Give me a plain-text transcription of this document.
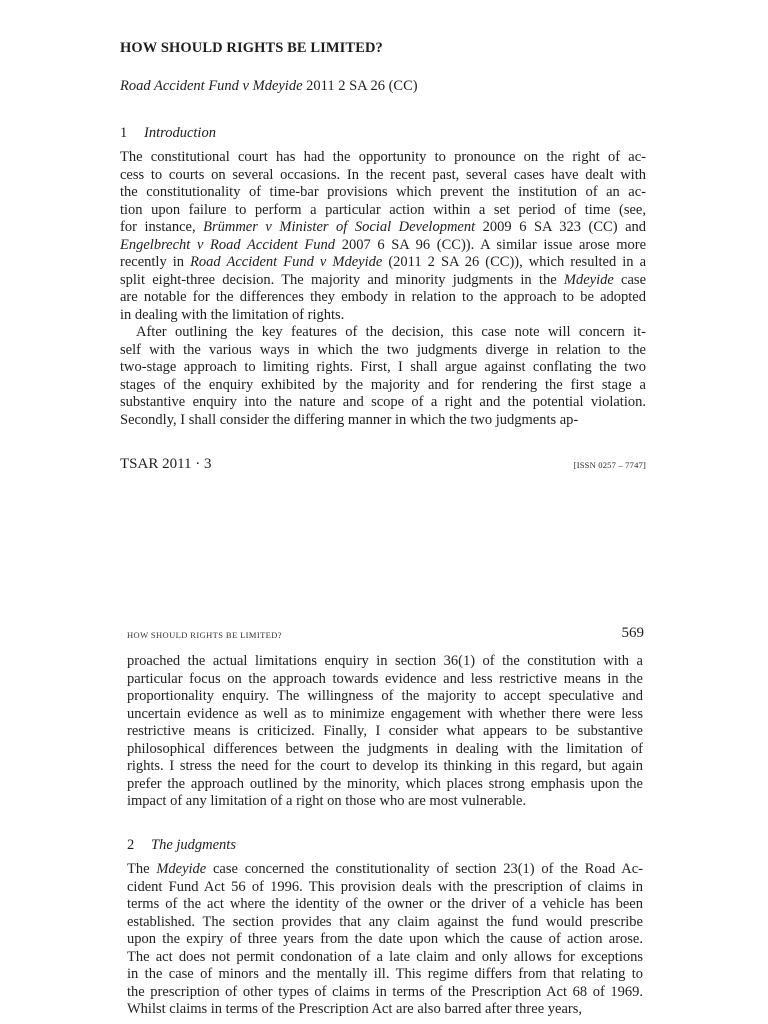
HOW SHOULD RIGHTS BE LIMITED?
Road Accident Fund v Mdeyide 2011 2 SA 26 (CC)
1 Introduction
The constitutional court has had the opportunity to pronounce on the right of ac-
cess to courts on several occasions. In the recent past, several cases have dealt with
the constitutionality of time-bar provisions which prevent the institution of an ac-
tion upon failure to perform a particular action within a set period of time (see,
for instance, Brümmer v Minister of Social Development 2009 6 SA 323 (CC) and
Engelbrecht v Road Accident Fund 2007 6 SA 96 (CC)). A similar issue arose more
recently in Road Accident Fund v Mdeyide (2011 2 SA 26 (CC)), which resulted in a
split eight-three decision. The majority and minority judgments in the Mdeyide case
are notable for the differences they embody in relation to the approach to be adopted
in dealing with the limitation of rights.
After outlining the key features of the decision, this case note will concern it-
self with the various ways in which the two judgments diverge in relation to the
two-stage approach to limiting rights. First, I shall argue against conflating the two
stages of the enquiry exhibited by the majority and for rendering the first stage a
substantive enquiry into the nature and scope of a right and the potential violation.
Secondly, I shall consider the differing manner in which the two judgments ap-
TSAR 2011 · 3	[ISSN 0257 – 7747]
HOW SHOULD RIGHTS BE LIMITED?	569
proached the actual limitations enquiry in section 36(1) of the constitution with a
particular focus on the approach towards evidence and less restrictive means in the
proportionality enquiry. The willingness of the majority to accept speculative and
uncertain evidence as well as to minimize engagement with whether there were less
restrictive means is criticized. Finally, I consider what appears to be substantive
philosophical differences between the judgments in dealing with the limitation of
rights. I stress the need for the court to develop its thinking in this regard, but again
prefer the approach outlined by the minority, which places strong emphasis upon the
impact of any limitation of a right on those who are most vulnerable.
2 The judgments
The Mdeyide case concerned the constitutionality of section 23(1) of the Road Ac-
cident Fund Act 56 of 1996. This provision deals with the prescription of claims in
terms of the act where the identity of the owner or the driver of a vehicle has been
established. The section provides that any claim against the fund would prescribe
upon the expiry of three years from the date upon which the cause of action arose.
The act does not permit condonation of a late claim and only allows for exceptions
in the case of minors and the mentally ill. This regime differs from that relating to
the prescription of other types of claims in terms of the Prescription Act 68 of 1969.
Whilst claims in terms of the Prescription Act are also barred after three years,
